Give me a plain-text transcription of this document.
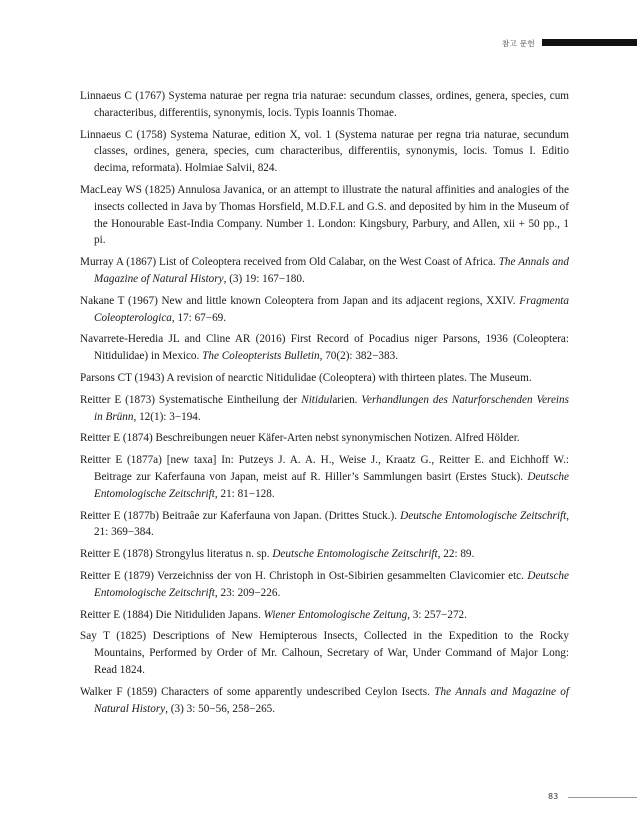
참고 문헌
Linnaeus C (1767) Systema naturae per regna tria naturae: secundum classes, ordines, genera, species, cum characteribus, differentiis, synonymis, locis. Typis Ioannis Thomae.
Linnaeus C (1758) Systema Naturae, edition X, vol. 1 (Systema naturae per regna tria naturae, secundum classes, ordines, genera, species, cum characteribus, differentiis, synonymis, locis. Tomus I. Editio decima, reformata). Holmiae Salvii, 824.
MacLeay WS (1825) Annulosa Javanica, or an attempt to illustrate the natural affinities and analogies of the insects collected in Java by Thomas Horsfield, M.D.F.L and G.S. and deposited by him in the Museum of the Honourable East-India Company. Number 1. London: Kingsbury, Parbury, and Allen, xii + 50 pp., 1 pi.
Murray A (1867) List of Coleoptera received from Old Calabar, on the West Coast of Africa. The Annals and Magazine of Natural History, (3) 19: 167−180.
Nakane T (1967) New and little known Coleoptera from Japan and its adjacent regions, XXIV. Fragmenta Coleopterologica, 17: 67−69.
Navarrete-Heredia JL and Cline AR (2016) First Record of Pocadius niger Parsons, 1936 (Coleoptera: Nitidulidae) in Mexico. The Coleopterists Bulletin, 70(2): 382−383.
Parsons CT (1943) A revision of nearctic Nitidulidae (Coleoptera) with thirteen plates. The Museum.
Reitter E (1873) Systematische Eintheilung der Nitidularien. Verhandlungen des Naturforschenden Vereins in Brünn, 12(1): 3−194.
Reitter E (1874) Beschreibungen neuer Käfer-Arten nebst synonymischen Notizen. Alfred Hölder.
Reitter E (1877a) [new taxa] In: Putzeys J. A. A. H., Weise J., Kraatz G., Reitter E. and Eichhoff W.: Beitrage zur Kaferfauna von Japan, meist auf R. Hiller’s Sammlungen basirt (Erstes Stuck). Deutsche Entomologische Zeitschrift, 21: 81−128.
Reitter E (1877b) Beitraâe zur Kaferfauna von Japan. (Drittes Stuck.). Deutsche Entomologische Zeitschrift, 21: 369−384.
Reitter E (1878) Strongylus literatus n. sp. Deutsche Entomologische Zeitschrift, 22: 89.
Reitter E (1879) Verzeichniss der von H. Christoph in Ost-Sibirien gesammelten Clavicomier etc. Deutsche Entomologische Zeitschrift, 23: 209−226.
Reitter E (1884) Die Nitiduliden Japans. Wiener Entomologische Zeitung, 3: 257−272.
Say T (1825) Descriptions of New Hemipterous Insects, Collected in the Expedition to the Rocky Mountains, Performed by Order of Mr. Calhoun, Secretary of War, Under Command of Major Long: Read 1824.
Walker F (1859) Characters of some apparently undescribed Ceylon Isects. The Annals and Magazine of Natural History, (3) 3: 50−56, 258−265.
83
